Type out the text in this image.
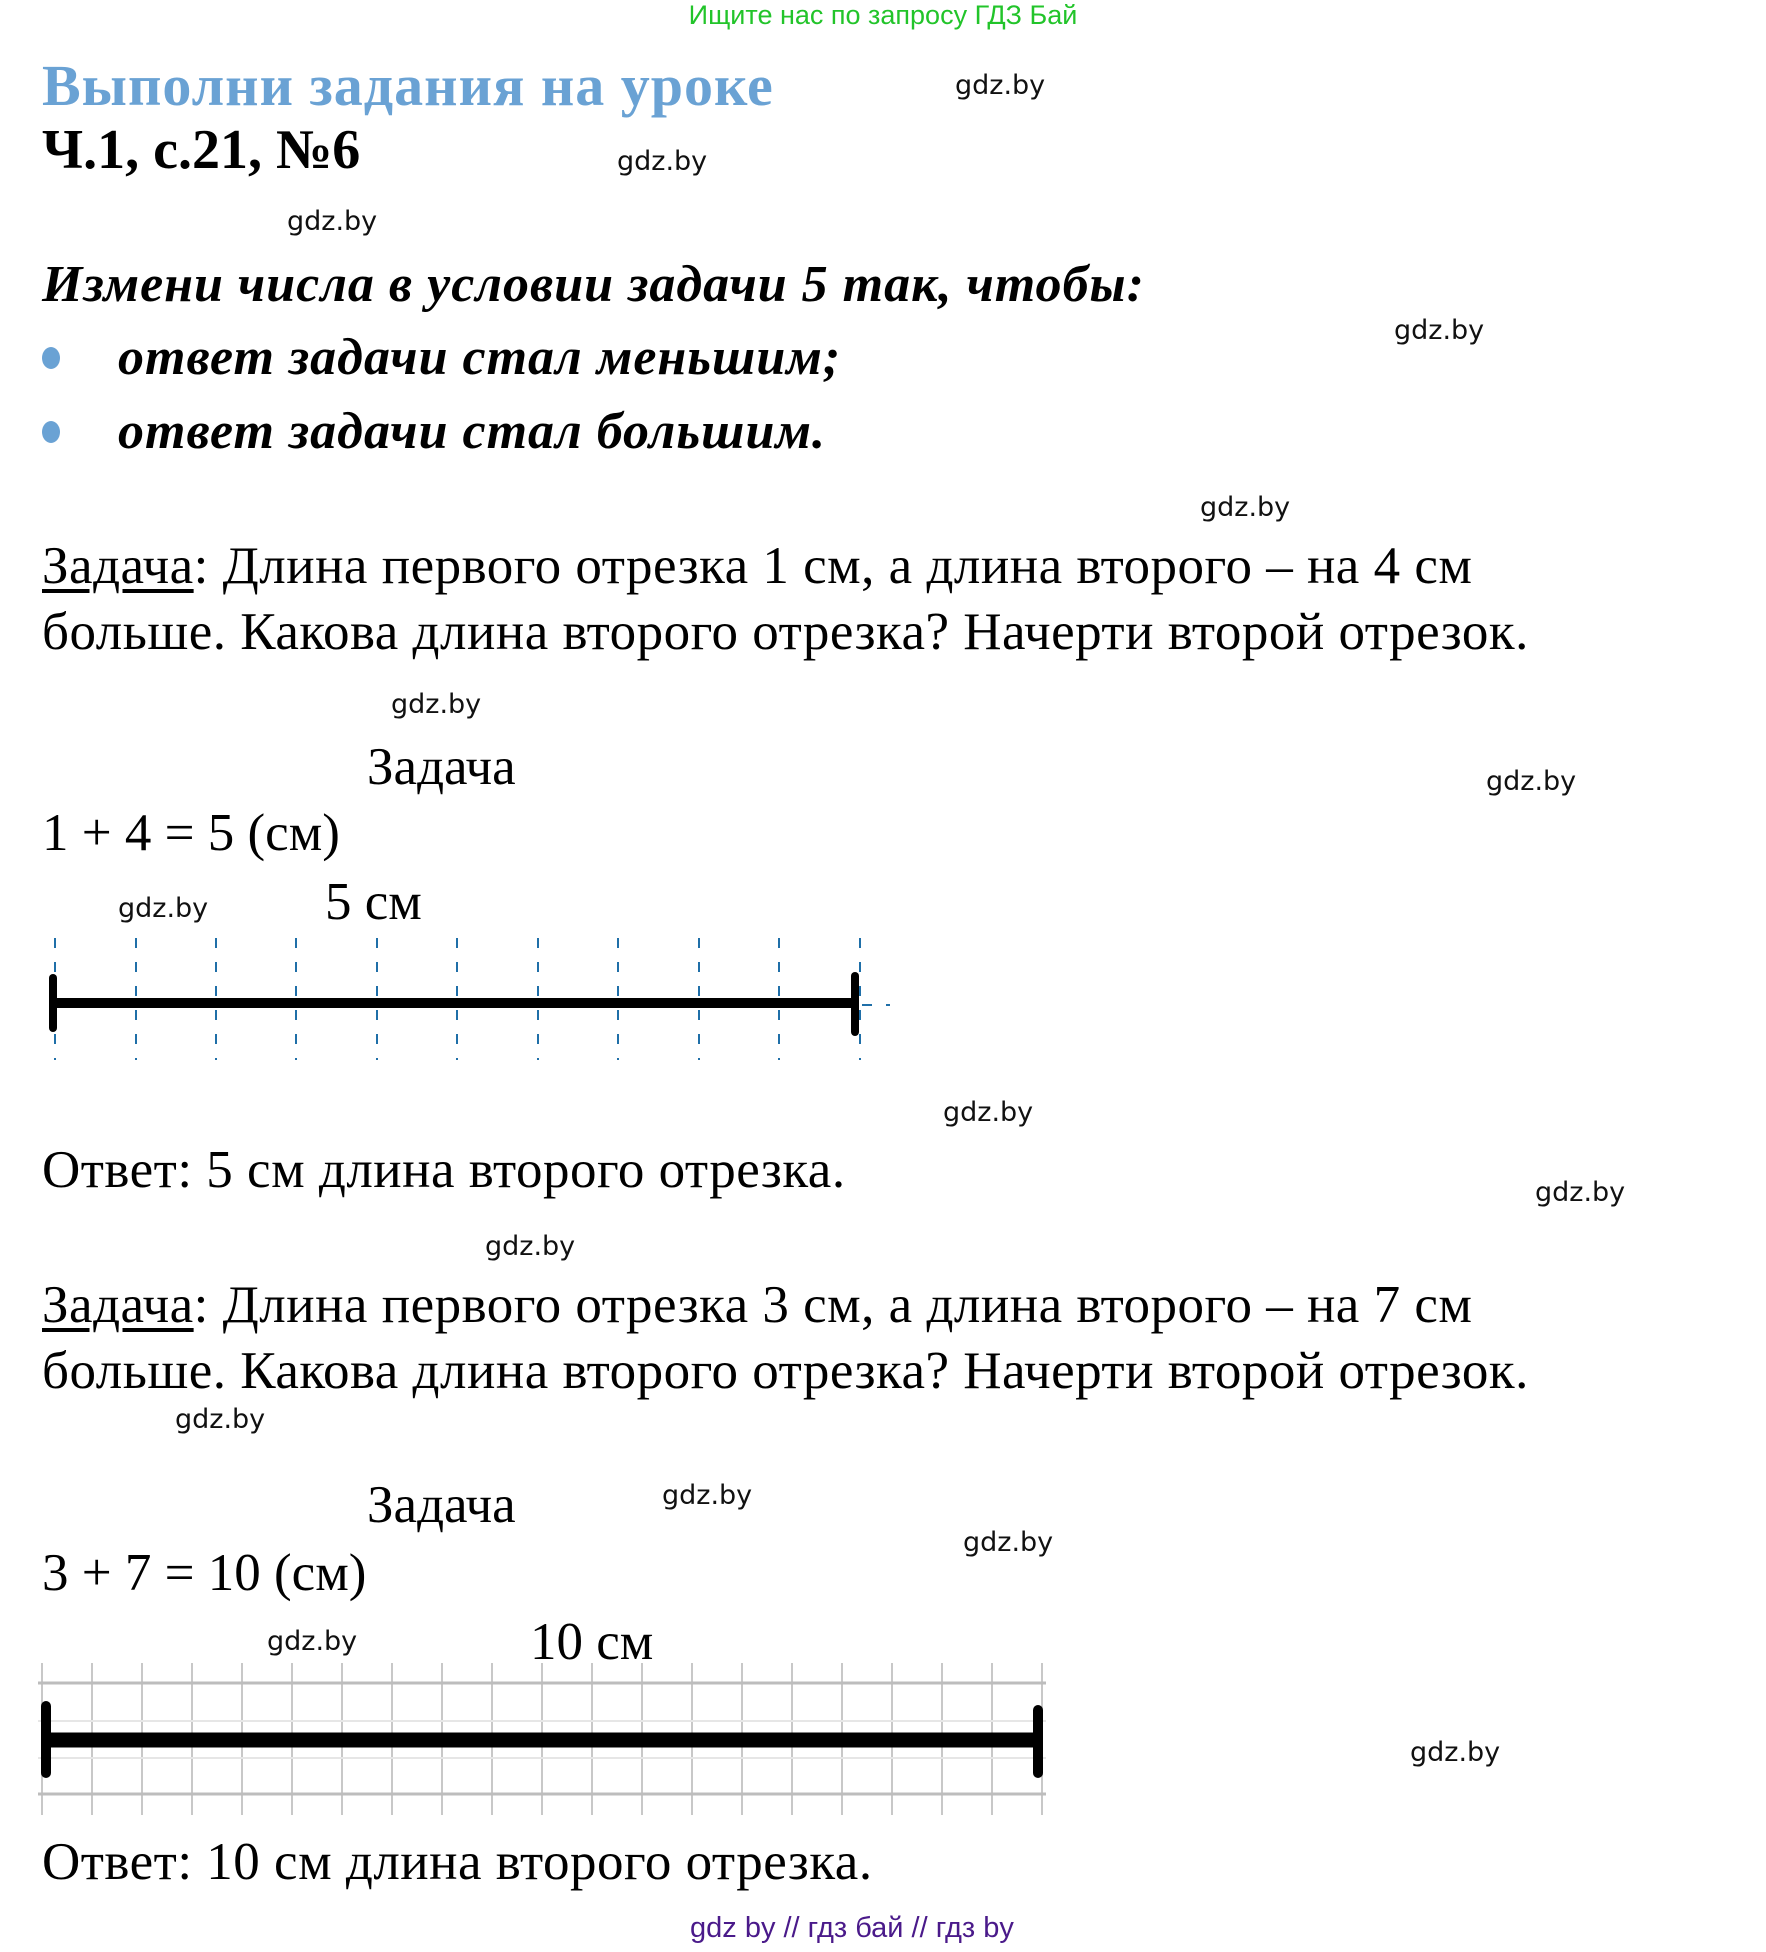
Ищите нас по запросу ГДЗ Бай
Выполни задания на уроке
Ч.1, с.21, №6
Измени числа в условии задачи 5 так, чтобы:
ответ задачи стал меньшим;
ответ задачи стал большим.
Задача: Длина первого отрезка 1 см, а длина второго – на 4 см
больше. Какова длина второго отрезка? Начерти второй отрезок.
Задача
1 + 4 = 5 (см)
5 см
Ответ: 5 см длина второго отрезка.
Задача: Длина первого отрезка 3 см, а длина второго – на 7 см
больше. Какова длина второго отрезка? Начерти второй отрезок.
Задача
3 + 7 = 10 (см)
10 см
Ответ: 10 см длина второго отрезка.
gdz.by
gdz.by
gdz.by
gdz.by
gdz.by
gdz.by
gdz.by
gdz.by
gdz.by
gdz.by
gdz.by
gdz.by
gdz.by
gdz.by
gdz.by
gdz.by
gdz by // гдз бай // гдз by
